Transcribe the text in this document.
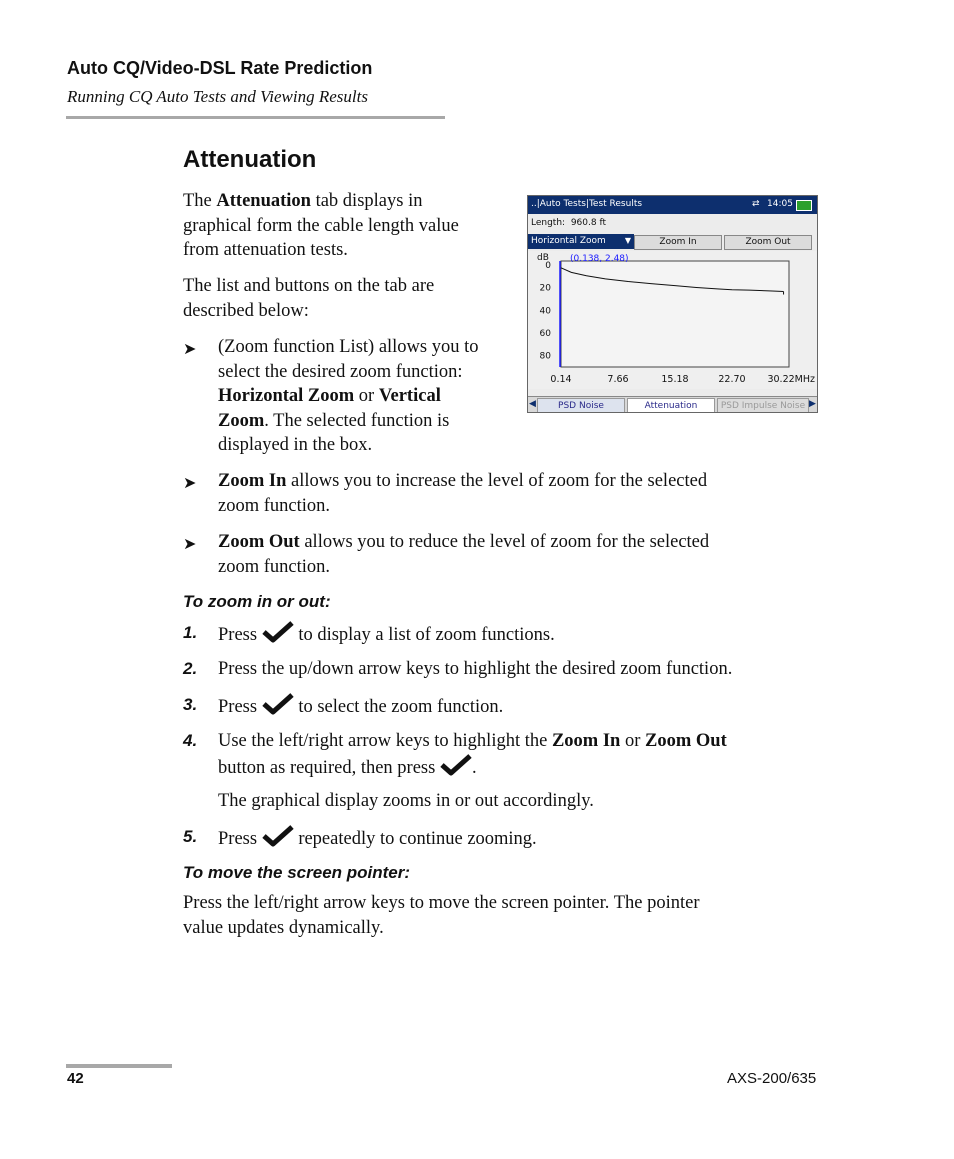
Auto CQ/Video-DSL Rate Prediction
Running CQ Auto Tests and Viewing Results
Attenuation
The Attenuation tab displays in
graphical form the cable length value
from attenuation tests.
The list and buttons on the tab are
described below:
➤ (Zoom function List) allows you to
select the desired zoom function:
Horizontal Zoom or Vertical
Zoom. The selected function is
displayed in the box.
➤ Zoom In allows you to increase the level of zoom for the selected
zoom function.
➤ Zoom Out allows you to reduce the level of zoom for the selected
zoom function.
To zoom in or out:
1. Press  to display a list of zoom functions.
2. Press the up/down arrow keys to highlight the desired zoom function.
3. Press  to select the zoom function.
4. Use the left/right arrow keys to highlight the Zoom In or Zoom Out
button as required, then press .
The graphical display zooms in or out accordingly.
5. Press  repeatedly to continue zooming.
To move the screen pointer:
Press the left/right arrow keys to move the screen pointer. The pointer
value updates dynamically.
..|Auto Tests|Test Results	⇄ 14:05
Length: 960.8 ft
Horizontal Zoom ▼	Zoom In	Zoom Out
dB
0
20
40
60
80
0.14	7.66	15.18	22.70 30.22MHz
(0.138, 2.48)
◀	PSD Noise	Attenuation	PSD Impulse Noise ▶
42	AXS-200/635
